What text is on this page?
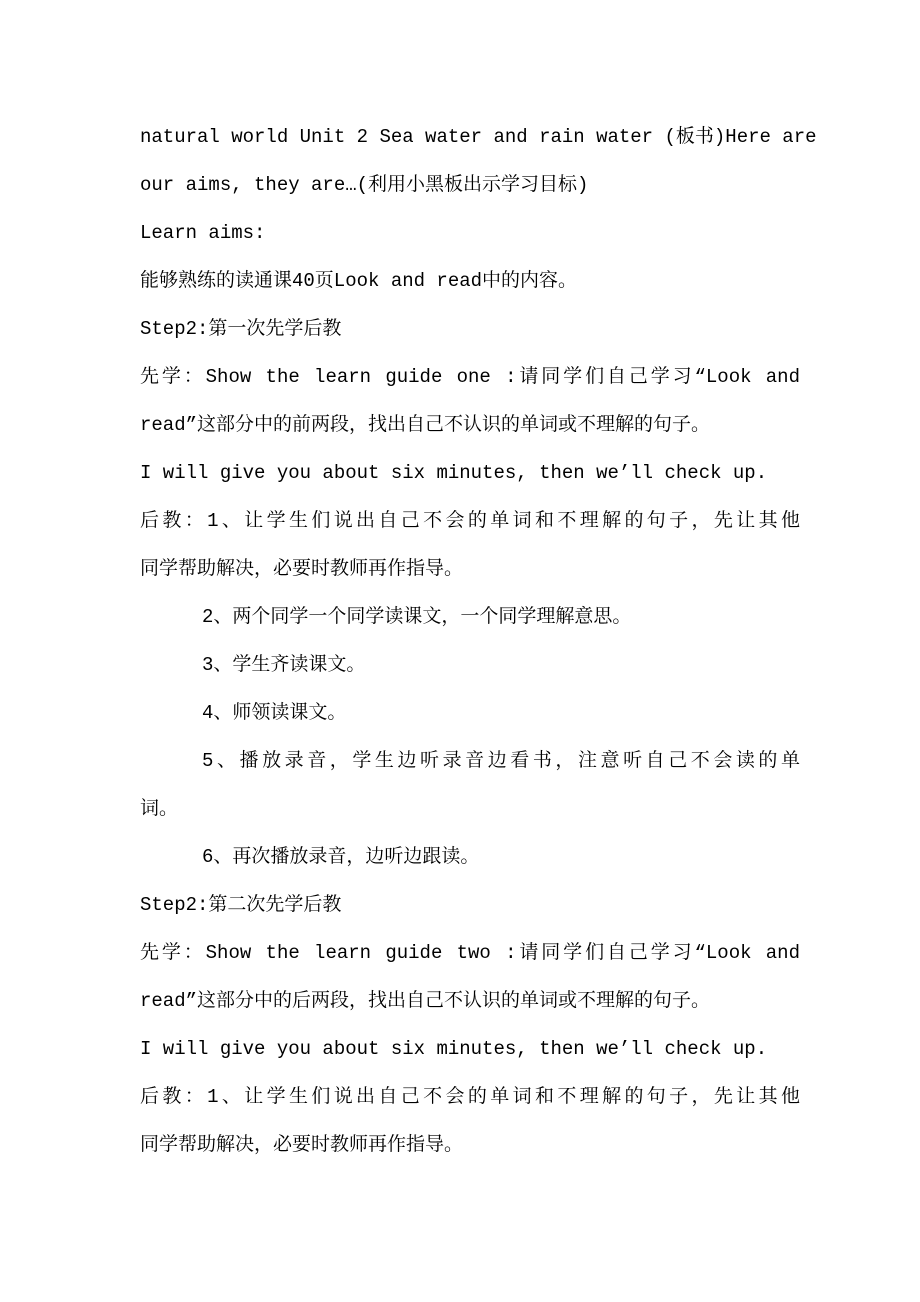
natural world Unit 2 Sea water and rain water (板书)Here are
our aims, they are…(利用小黑板出示学习目标)
Learn aims:
能够熟练的读通课40页Look and read中的内容。
Step2:第一次先学后教
先学：Show the learn guide one :请同学们自己学习“Look and
read”这部分中的前两段，找出自己不认识的单词或不理解的句子。
I will give you about six minutes, then we’ll check up.
后教：1、让学生们说出自己不会的单词和不理解的句子，先让其他
同学帮助解决，必要时教师再作指导。
2、两个同学一个同学读课文，一个同学理解意思。
3、学生齐读课文。
4、师领读课文。
5、播放录音，学生边听录音边看书，注意听自己不会读的单
词。
6、再次播放录音，边听边跟读。
Step2:第二次先学后教
先学：Show the learn guide two :请同学们自己学习“Look and
read”这部分中的后两段，找出自己不认识的单词或不理解的句子。
I will give you about six minutes, then we’ll check up.
后教：1、让学生们说出自己不会的单词和不理解的句子，先让其他
同学帮助解决，必要时教师再作指导。
